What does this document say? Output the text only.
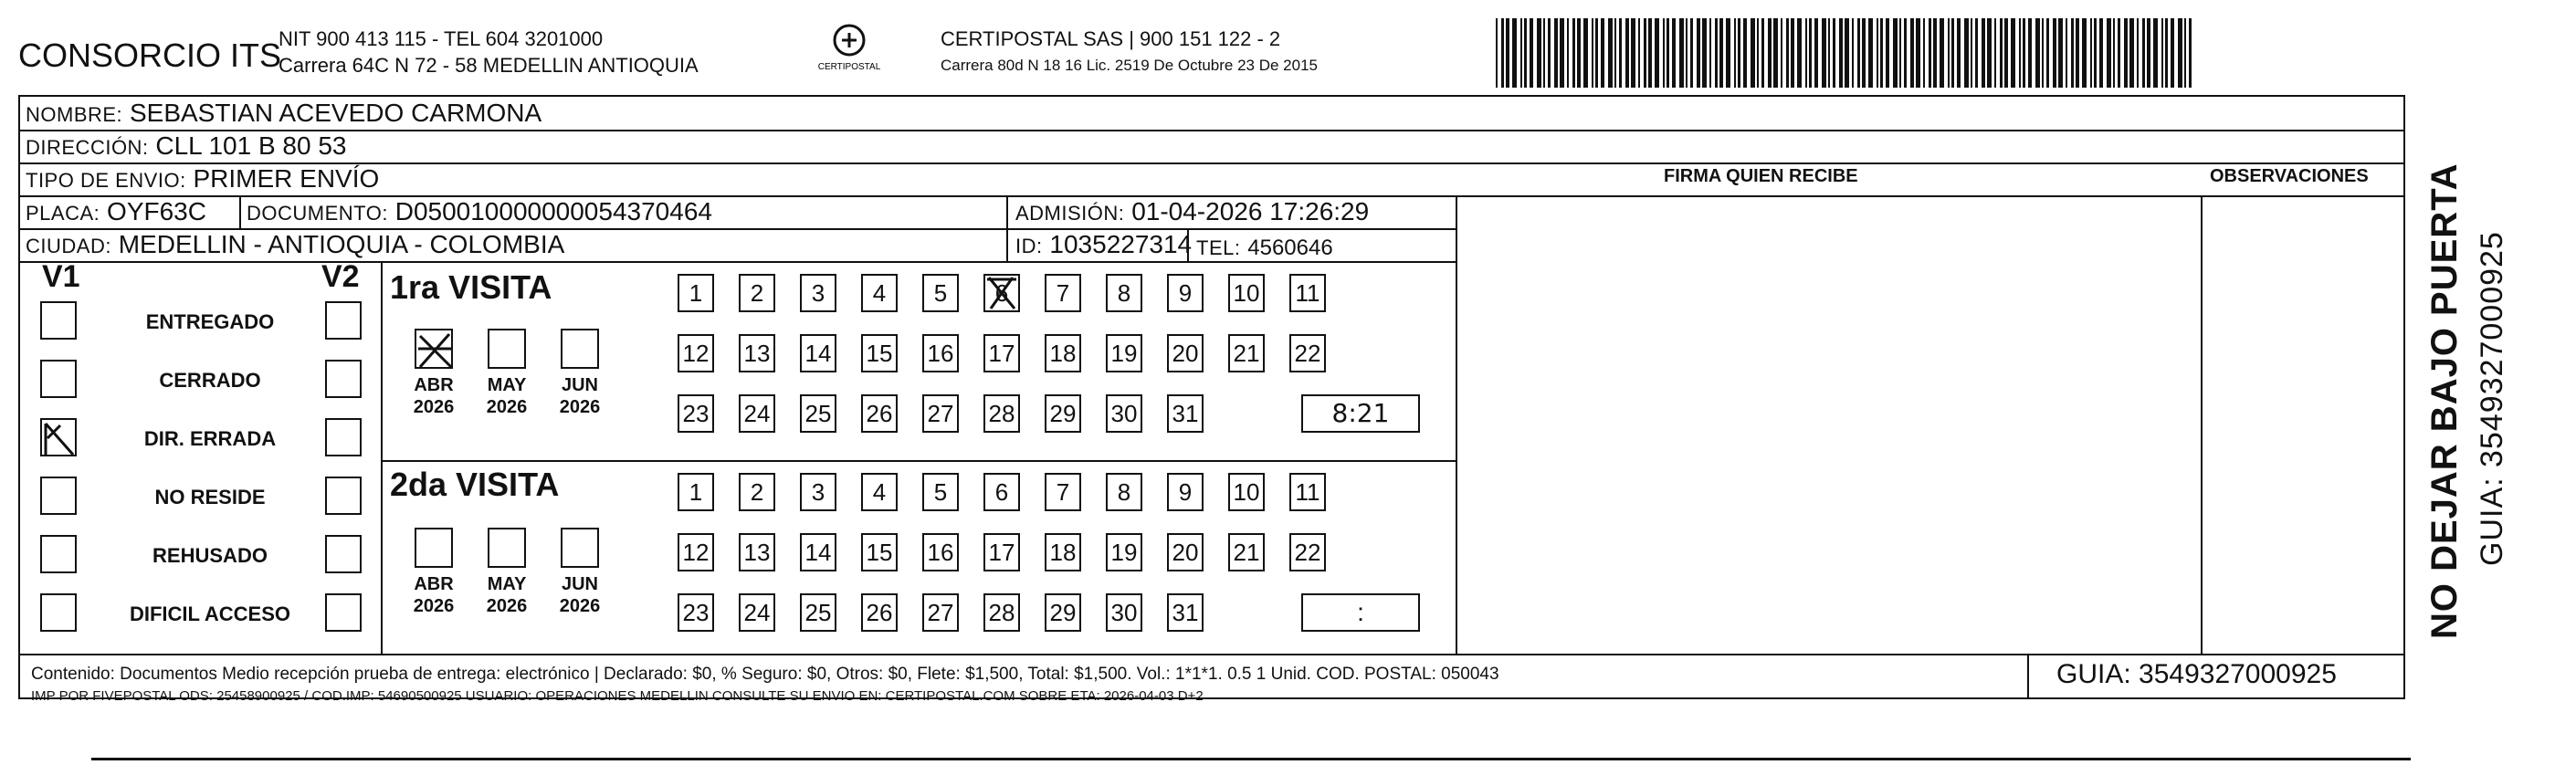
CONSORCIO ITS
NIT 900 413 115 - TEL 604 3201000
Carrera 64C N 72 - 58 MEDELLIN ANTIOQUIA	CERTIPOSTAL
CERTIPOSTAL SAS | 900 151 122 - 2
Carrera 80d N 18 16 Lic. 2519 De Octubre 23 De 2015
NOMBRE: SEBASTIAN ACEVEDO CARMONA
DIRECCIÓN: CLL 101 B 80 53
TIPO DE ENVIO: PRIMER ENVÍO	FIRMA QUIEN RECIBE	OBSERVACIONES
PLACA: OYF63C DOCUMENTO: D050010000000054370464	ADMISIÓN: 01-04-2026 17:26:29
CIUDAD: MEDELLIN - ANTIOQUIA - COLOMBIA	ID: 1035227314 TEL: 4560646
V1	V2
ENTREGADO
CERRADO
DIR. ERRADA
NO RESIDE
REHUSADO
DIFICIL ACCESO
1ra VISITA
2da VISITA
ABR
2026
MAY
2026
JUN
2026
1	2	3	4	5	6	7	8	9	10 11
12 13 14 15 16 17 18 19 20 21 22
23 24 25 26 27 28 29 30 31	8:21
ABR
2026
MAY
2026
JUN
2026
1	2	3	4	5	6	7	8	9	10 11
12 13 14 15 16 17 18 19 20 21 22
23 24 25 26 27 28 29 30 31	:
Contenido: Documentos Medio recepción prueba de entrega: electrónico | Declarado: $0, % Seguro: $0, Otros: $0, Flete: $1,500, Total: $1,500. Vol.: 1*1*1. 0.5 1 Unid. COD. POSTAL: 050043
IMP POR FIVEPOSTAL ODS: 25458900925 / COD.IMP: 54690500925 USUARIO: OPERACIONES MEDELLIN CONSULTE SU ENVIO EN: CERTIPOSTAL.COM SOBRE ETA: 2026-04-03 D+2
GUIA: 3549327000925
NO DEJAR BAJO PUERTA GUIA: 3549327000925
